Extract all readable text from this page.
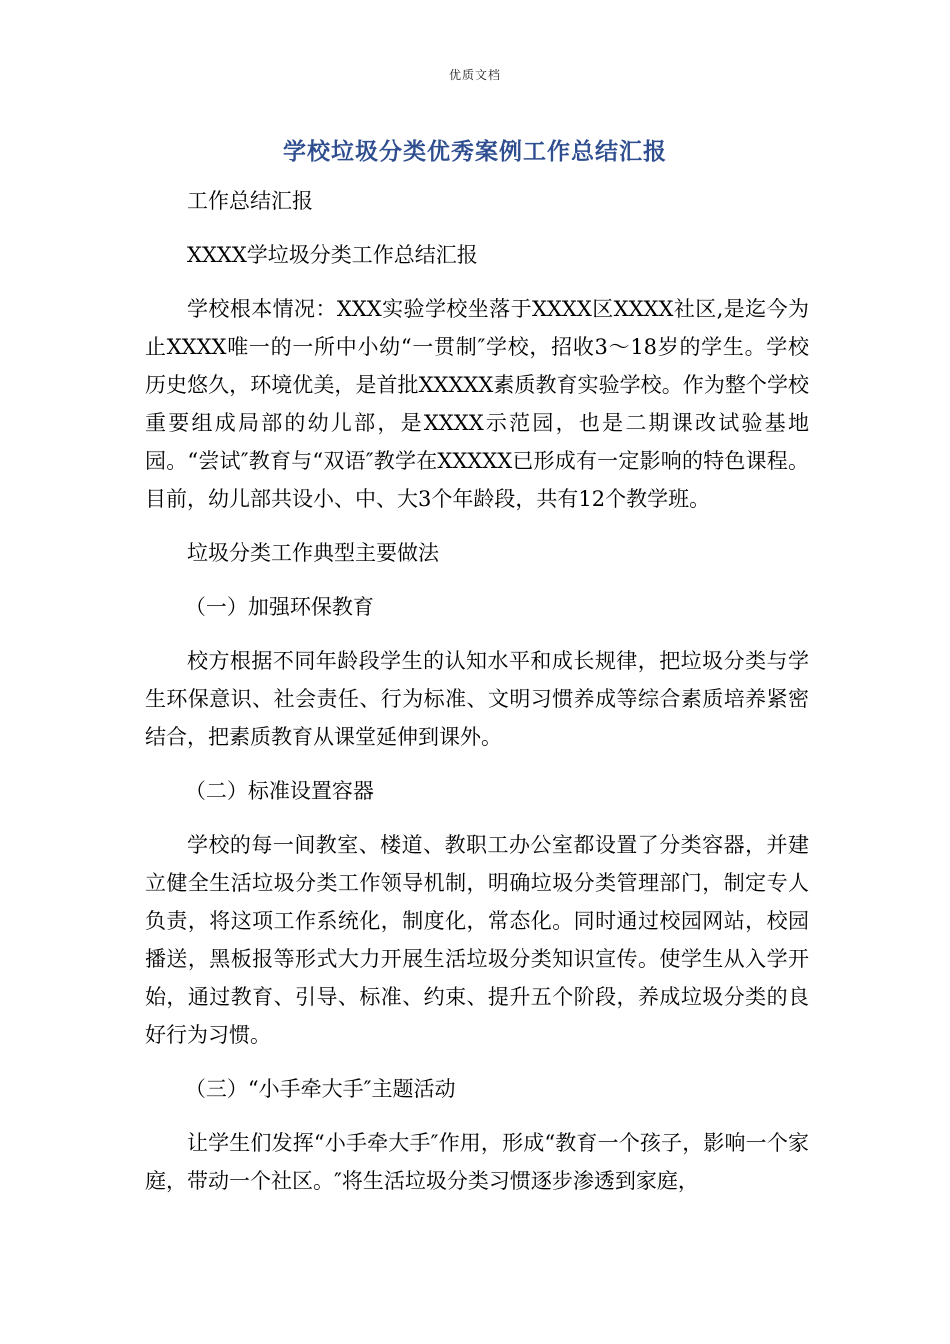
优质文档
学校垃圾分类优秀案例工作总结汇报

工作总结汇报

XXXX学垃圾分类工作总结汇报

学校根本情况：XXX实验学校坐落于XXXX区XXXX社区,是迄今为止XXXX唯一的一所中小幼“一贯制″学校，招收3～18岁的学生。学校历史悠久，环境优美，是首批XXXXX素质教育实验学校。作为整个学校重要组成局部的幼儿部，是XXXX示范园，也是二期课改试验基地园。“尝试″教育与“双语″教学在XXXXX已形成有一定影响的特色课程。目前，幼儿部共设小、中、大3个年龄段，共有12个教学班。

垃圾分类工作典型主要做法

（一）加强环保教育

校方根据不同年龄段学生的认知水平和成长规律，把垃圾分类与学生环保意识、社会责任、行为标准、文明习惯养成等综合素质培养紧密结合，把素质教育从课堂延伸到课外。

（二）标准设置容器

学校的每一间教室、楼道、教职工办公室都设置了分类容器，并建立健全生活垃圾分类工作领导机制，明确垃圾分类管理部门，制定专人负责，将这项工作系统化，制度化，常态化。同时通过校园网站，校园播送，黑板报等形式大力开展生活垃圾分类知识宣传。使学生从入学开始，通过教育、引导、标准、约束、提升五个阶段，养成垃圾分类的良好行为习惯。

（三）“小手牵大手″主题活动

让学生们发挥“小手牵大手″作用，形成“教育一个孩子，影响一个家庭，带动一个社区。″将生活垃圾分类习惯逐步渗透到家庭，
